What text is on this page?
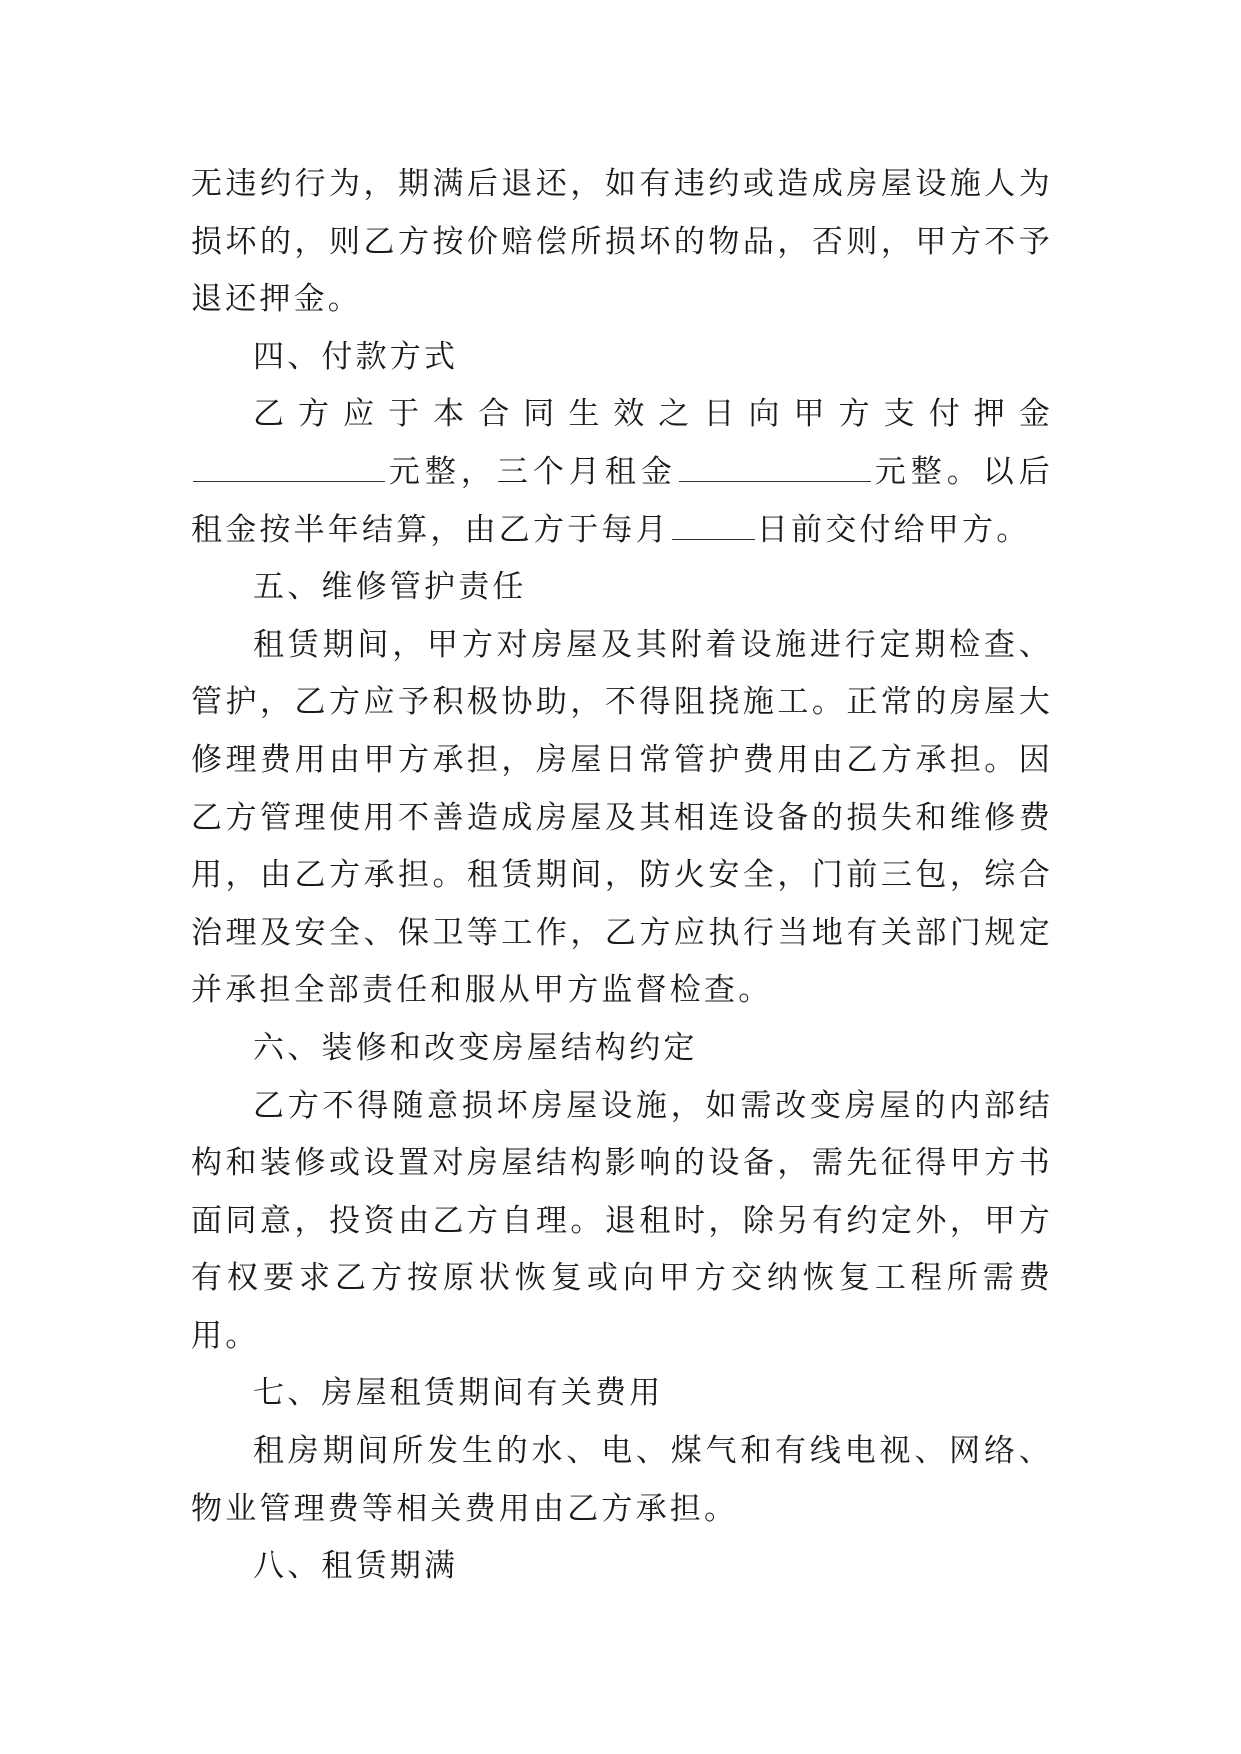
无违约行为，期满后退还，如有违约或造成房屋设施人为损坏的，则乙方按价赔偿所损坏的物品，否则，甲方不予退还押金。

四、付款方式

乙方应于本合同生效之日向甲方支付押金元整，三个月租金	元整。以后租金按半年结算，由乙方于每月	日前交付给甲方。

五、维修管护责任

租赁期间，甲方对房屋及其附着设施进行定期检查、管护，乙方应予积极协助，不得阻挠施工。正常的房屋大修理费用由甲方承担，房屋日常管护费用由乙方承担。因乙方管理使用不善造成房屋及其相连设备的损失和维修费用，由乙方承担。租赁期间，防火安全，门前三包，综合治理及安全、保卫等工作，乙方应执行当地有关部门规定并承担全部责任和服从甲方监督检查。

六、装修和改变房屋结构约定

乙方不得随意损坏房屋设施，如需改变房屋的内部结构和装修或设置对房屋结构影响的设备，需先征得甲方书面同意，投资由乙方自理。退租时，除另有约定外，甲方有权要求乙方按原状恢复或向甲方交纳恢复工程所需费用。

七、房屋租赁期间有关费用

租房期间所发生的水、电、煤气和有线电视、网络、物业管理费等相关费用由乙方承担。

八、租赁期满
